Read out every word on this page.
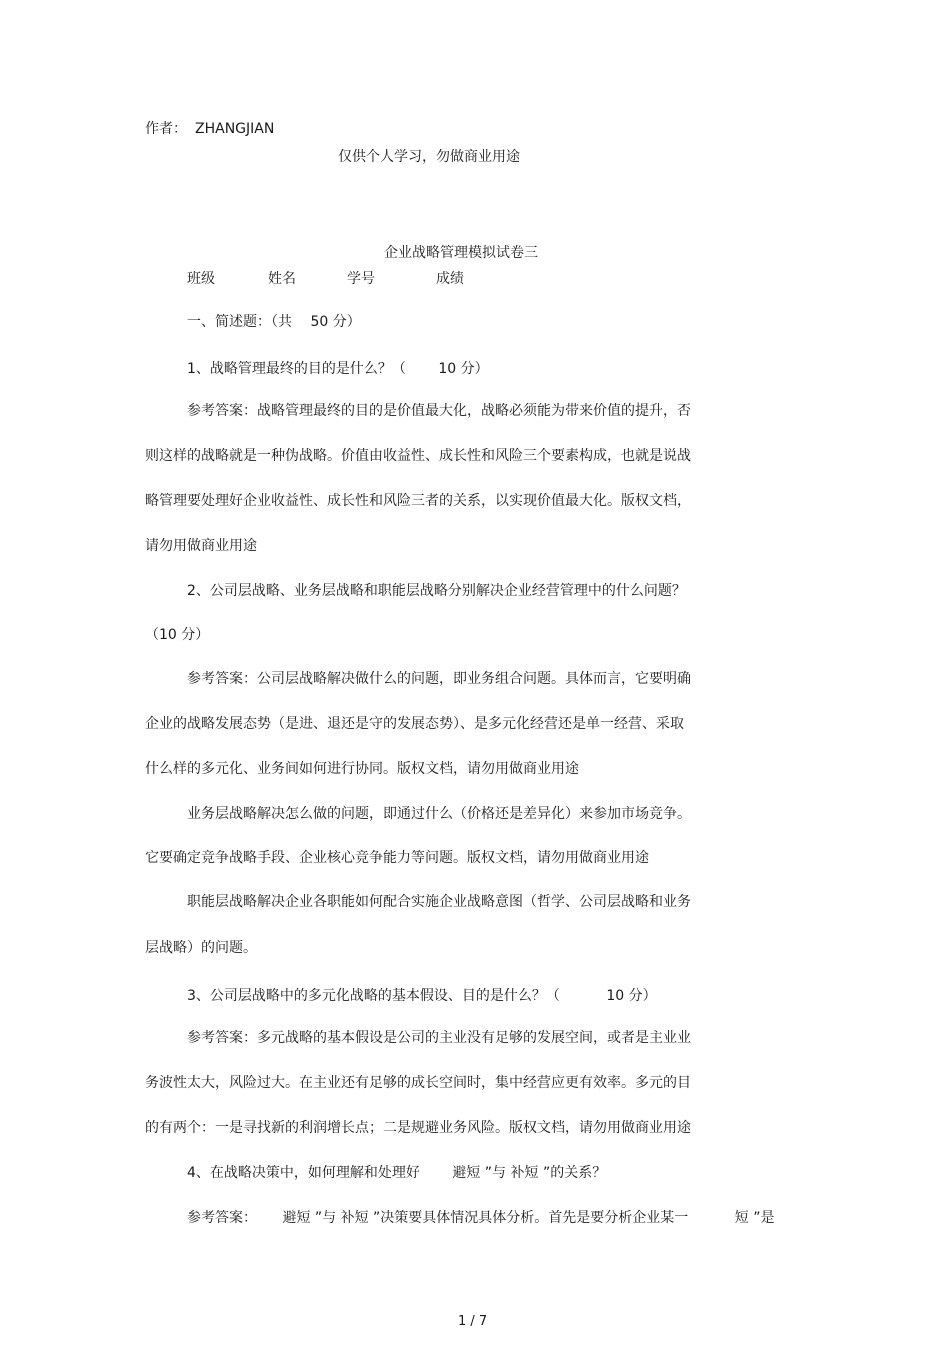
作者： ZHANGJIAN
仅供个人学习，勿做商业用途
企业战略管理模拟试卷三
班级	姓名	学号	成绩
一、简述题：（共　 50 分）
1、战略管理最终的目的是什么？（　　 10 分）
参考答案：战略管理最终的目的是价值最大化，战略必须能为带来价值的提升，否
则这样的战略就是一种伪战略。价值由收益性、成长性和风险三个要素构成，也就是说战
略管理要处理好企业收益性、成长性和风险三者的关系，以实现价值最大化。版权文档，
请勿用做商业用途
2、公司层战略、业务层战略和职能层战略分别解决企业经营管理中的什么问题？
（10 分）
参考答案：公司层战略解决做什么的问题，即业务组合问题。具体而言，它要明确
企业的战略发展态势（是进、退还是守的发展态势）、是多元化经营还是单一经营、采取
什么样的多元化、业务间如何进行协同。版权文档，请勿用做商业用途
业务层战略解决怎么做的问题，即通过什么（价格还是差异化）来参加市场竞争。
它要确定竞争战略手段、企业核心竞争能力等问题。版权文档，请勿用做商业用途
职能层战略解决企业各职能如何配合实施企业战略意图（哲学、公司层战略和业务
层战略）的问题。
3、公司层战略中的多元化战略的基本假设、目的是什么？（　　　 10 分）
参考答案：多元战略的基本假设是公司的主业没有足够的发展空间，或者是主业业
务波性太大，风险过大。在主业还有足够的成长空间时，集中经营应更有效率。多元的目
的有两个：一是寻找新的利润增长点；二是规避业务风险。版权文档，请勿用做商业用途
4、在战略决策中，如何理解和处理好　　 避短 ”与 补短 ”的关系？
参考答案：　　 避短 ”与 补短 ”决策要具体情况具体分析。首先是要分析企业某一　　　 短 ”是
1 / 7
